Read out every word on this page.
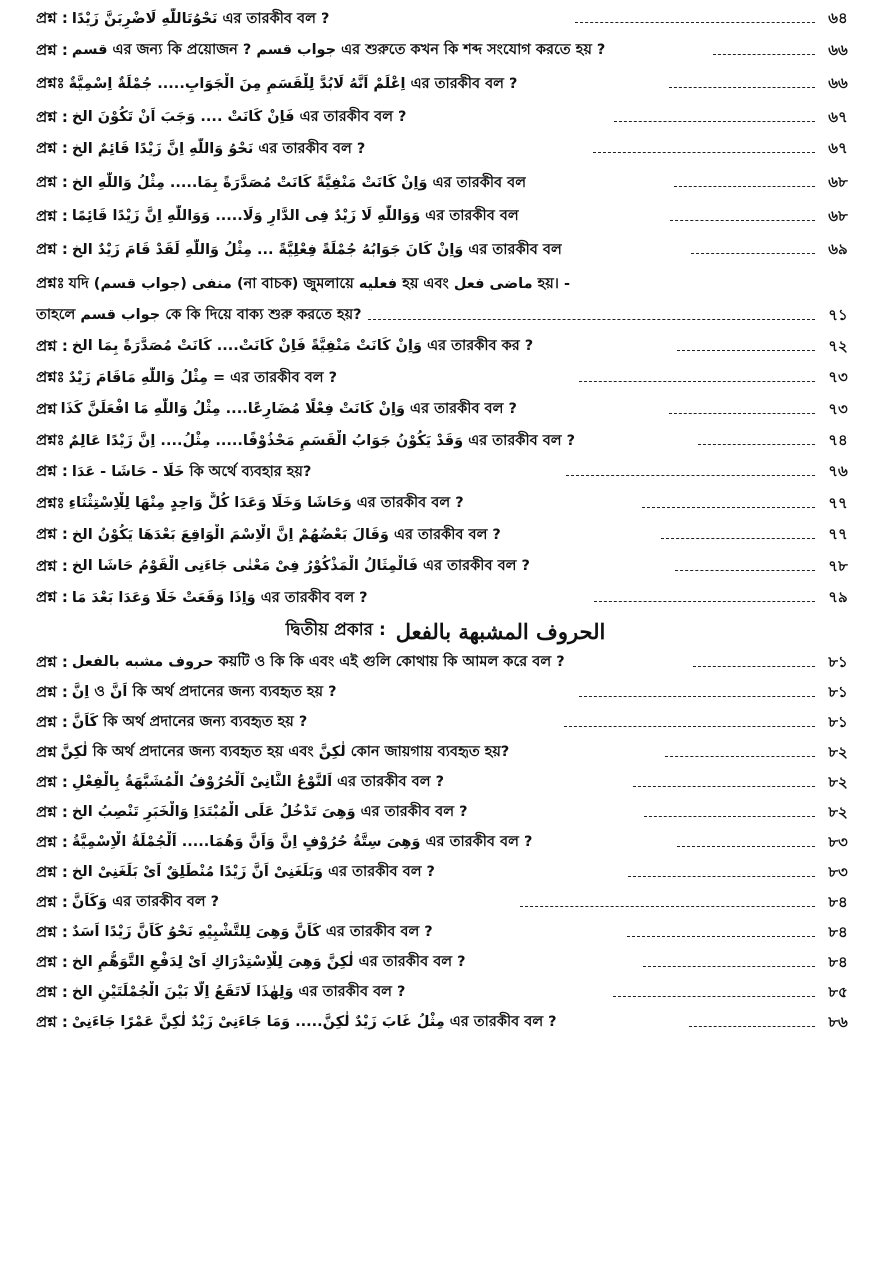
প্রশ্ন : نَحْوُتَاللّٰهِ لَاضْرِبَنَّ زَيْدًا এর তারকীব বল ?	৬৪
প্রশ্ন : قسم এর জন্য কি প্রয়োজন ? جواب قسم এর শুরুতে কখন কি শব্দ সংযোগ করতে হয় ?	৬৬
প্রশ্নঃ اِعْلَمْ اَنَّهُ لَابُدَّ لِلْقَسَمِ مِنَ الْجَوَابِ..... جُمْلَةٌ اِسْمِيَّةٌ এর তারকীব বল ?	৬৬
প্রশ্ন : فَاِنْ كَانَتْ .... وَجَبَ اَنْ تَكُوْنَ الخ এর তারকীব বল ?	৬৭
প্রশ্ন : نَحْوُ وَاللّٰهِ اِنَّ زَيْدًا قَائِمٌ الخ এর তারকীব বল ?	৬৭
প্রশ্ন : وَاِنْ كَانَتْ مَنْفِيَّةً كَانَتْ مُصَدَّرَةً بِمَا..... مِثْلُ وَاللّٰهِ الخ এর তারকীব বল	৬৮
প্রশ্ন : وَوَاللّٰهِ لَا زَيْدٌ فِى الدَّارِ وَلَا..... وَوَاللّٰهِ اِنَّ زَيْدًا قَائِمًا এর তারকীব বল	৬৮
প্রশ্ন : وَاِنْ كَانَ جَوَابُهُ جُمْلَةً فِعْلِيَّةً ... مِثْلُ وَاللّٰهِ لَقَدْ قَامَ زَيْدٌ الخ এর তারকীব বল	৬৯
প্রশ্নঃ যদি (جواب قسم) منفى (না বাচক) জুমলায়ে فعليه হয় এবং ماضى فعل হয়। -
তাহলে جواب قسم কে কি দিয়ে বাক্য শুরু করতে হয়?	৭১
প্রশ্ন : وَاِنْ كَانَتْ مَنْفِيَّةً فَاِنْ كَانَتْ.... كَانَتْ مُصَدَّرَةً بِمَا الخ এর তারকীব কর ?	৭২
প্রশ্নঃ مِثْلُ وَاللّٰهِ مَاقَامَ زَيْدٌ = এর তারকীব বল ?	৭৩
প্রশ্ন وَاِنْ كَانَتْ فِعْلًا مُضَارِعًا.... مِثْلُ وَاللّٰهِ مَا افْعَلَنَّ كَذَا এর তারকীব বল ?	৭৩
প্রশ্নঃ وَقَدْ يَكُوْنُ جَوَابُ الْقَسَمِ مَحْذُوْفًا..... مِثْلُ.... اِنَّ زَيْدًا عَالِمٌ এর তারকীব বল ?	৭৪
প্রশ্ন : خَلَا - حَاشَا - عَدَا কি অর্থে ব্যবহার হয়?	৭৬
প্রশ্নঃ وَحَاشَا وَخَلَا وَعَدَا كُلٌّ وَاحِدٍ مِنْهَا لِلْاِسْتِثْنَاءِ এর তারকীব বল ?	৭৭
প্রশ্ন : وَقَالَ بَعْضُهُمْ اِنَّ الْاِسْمَ الْوَاقِعَ بَعْدَهَا يَكُوْنُ الخ এর তারকীব বল ?	৭৭
প্রশ্ন : فَالْمِثَالُ الْمَذْكُوْرُ فِىْ مَعْنٰى جَاءَنِى الْقَوْمُ حَاشَا الخ এর তারকীব বল ?	৭৮
প্রশ্ন : وَاِذَا وَقَعَتْ خَلَا وَعَدَا بَعْدَ مَا এর তারকীব বল ?	৭৯
দ্বিতীয় প্রকার : الحروف المشبهة بالفعل
প্রশ্ন : حروف مشبه بالفعل কয়টি ও কি কি এবং এই গুলি কোথায় কি আমল করে বল ?	৮১
প্রশ্ন : اِنَّ ও اَنَّ কি অর্থ প্রদানের জন্য ব্যবহৃত হয় ?	৮১
প্রশ্ন : كَاَنَّ কি অর্থ প্রদানের জন্য ব্যবহৃত হয় ?	৮১
প্রশ্ন لٰكِنَّ কি অর্থ প্রদানের জন্য ব্যবহৃত হয় এবং لٰكِنَّ কোন জায়গায় ব্যবহৃত হয়?	৮২
প্রশ্ন : اَلنَّوْعُ الثَّانِىْ اَلْحُرُوْفُ الْمُشَبَّهَةُ بِالْفِعْلِ এর তারকীব বল ?	৮২
প্রশ্ন : وَهِىَ تَدْخُلُ عَلَى الْمُبْتَدَاِ وَالْخَبَرِ تَنْصِبُ الخ এর তারকীব বল ?	৮২
প্রশ্ন : وَهِىَ سِتَّةُ حُرُوْفٍ اِنَّ وَاَنَّ وَهُمَا..... اَلْجُمْلَةُ الْاِسْمِيَّةُ এর তারকীব বল ?	৮৩
প্রশ্ন : وَبَلَغَنِىْ اَنَّ زَيْدًا مُنْطَلِقٌ اَىْ بَلَغَنِىْ الخ এর তারকীব বল ?	৮৩
প্রশ্ন : وَكَاَنَّ এর তারকীব বল ?	৮৪
প্রশ্ন : كَاَنَّ وَهِىَ لِلتَّشْبِيْهِ نَحْوُ كَاَنَّ زَيْدًا اَسَدٌ এর তারকীব বল ?	৮৪
প্রশ্ন : لٰكِنَّ وَهِىَ لِلْاِسْتِدْرَاكِ اَىْ لِدَفْعِ التَّوَهُّمِ الخ এর তারকীব বল ?	৮৪
প্রশ্ন : وَلِهٰذَا لَاتَقَعُ اِلَّا بَيْنَ الْجُمْلَتَيْنِ الخ এর তারকীব বল ?	৮৫
প্রশ্ন : مِثْلُ غَابَ زَيْدٌ لٰكِنَّ..... وَمَا جَاءَنِىْ زَيْدٌ لٰكِنَّ عَمْرًا جَاءَنِىْ এর তারকীব বল ?	৮৬
